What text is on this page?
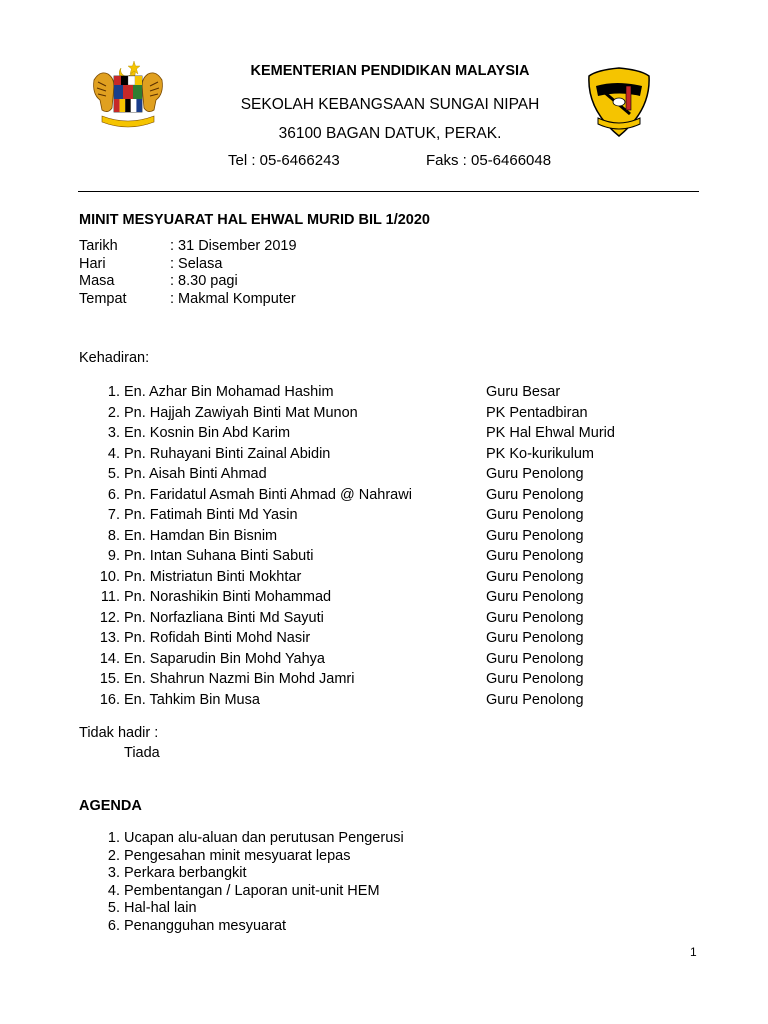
KEMENTERIAN PENDIDIKAN MALAYSIA
SEKOLAH KEBANGSAAN SUNGAI NIPAH
36100 BAGAN DATUK, PERAK.
Tel : 05-6466243	Faks : 05-6466048
MINIT MESYUARAT HAL EHWAL MURID BIL 1/2020
Tarikh	: 31 Disember 2019
Hari	: Selasa
Masa	: 8.30 pagi
Tempat	: Makmal Komputer
Kehadiran:
1. En. Azhar Bin Mohamad Hashim	Guru Besar
2. Pn. Hajjah Zawiyah Binti Mat Munon	PK Pentadbiran
3. En. Kosnin Bin Abd Karim	PK Hal Ehwal Murid
4. Pn. Ruhayani Binti Zainal Abidin	PK Ko-kurikulum
5. Pn. Aisah Binti Ahmad	Guru Penolong
6. Pn. Faridatul Asmah Binti Ahmad @ Nahrawi	Guru Penolong
7. Pn. Fatimah Binti Md Yasin	Guru Penolong
8. En. Hamdan Bin Bisnim	Guru Penolong
9. Pn. Intan Suhana Binti Sabuti	Guru Penolong
10. Pn. Mistriatun Binti Mokhtar	Guru Penolong
11. Pn. Norashikin Binti Mohammad	Guru Penolong
12. Pn. Norfazliana Binti Md Sayuti	Guru Penolong
13. Pn. Rofidah Binti Mohd Nasir	Guru Penolong
14. En. Saparudin Bin Mohd Yahya	Guru Penolong
15. En. Shahrun Nazmi Bin Mohd Jamri	Guru Penolong
16. En. Tahkim Bin Musa	Guru Penolong
Tidak hadir :
Tiada
AGENDA
1. Ucapan alu-aluan dan perutusan Pengerusi
2. Pengesahan minit mesyuarat lepas
3. Perkara berbangkit
4. Pembentangan / Laporan unit-unit HEM
5. Hal-hal lain
6. Penangguhan mesyuarat
1
